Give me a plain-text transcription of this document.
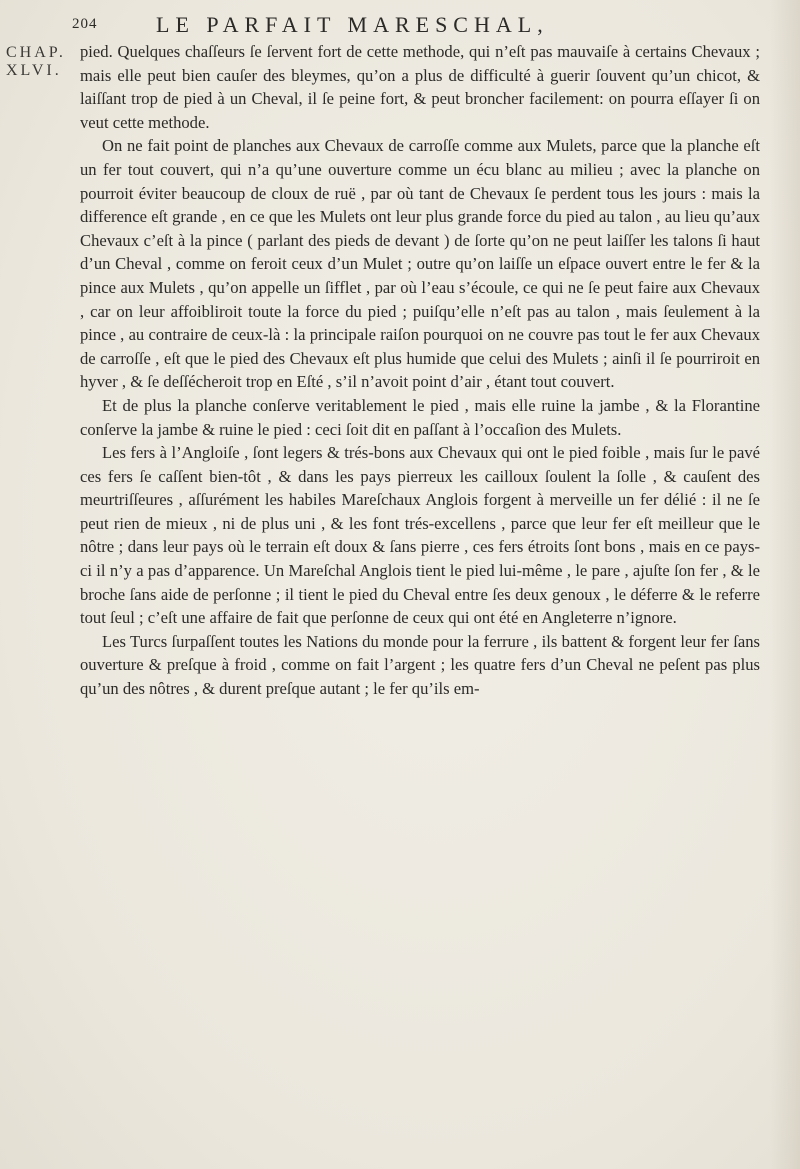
CHAP.
XLVI.
204	LE PARFAIT MARESCHAL,

pied. Quelques chaſſeurs ſe ſervent fort de cette methode, qui n’eſt pas mauvaiſe à certains Chevaux ; mais elle peut bien cauſer des bleymes, qu’on a plus de difficulté à guerir ſouvent qu’un chicot, & laiſſant trop de pied à un Cheval, il ſe peine fort, & peut broncher facilement: on pourra eſſayer ſi on veut cette methode.

On ne fait point de planches aux Chevaux de carroſſe comme aux Mulets, parce que la planche eſt un fer tout couvert, qui n’a qu’une ouverture comme un écu blanc au milieu ; avec la planche on pourroit éviter beaucoup de cloux de ruë , par où tant de Chevaux ſe perdent tous les jours : mais la difference eſt grande , en ce que les Mulets ont leur plus grande force du pied au talon , au lieu qu’aux Chevaux c’eſt à la pince ( parlant des pieds de devant ) de ſorte qu’on ne peut laiſſer les talons ſi haut d’un Cheval , comme on feroit ceux d’un Mulet ; outre qu’on laiſſe un eſpace ouvert entre le fer & la pince aux Mulets , qu’on appelle un ſifflet , par où l’eau s’écoule, ce qui ne ſe peut faire aux Chevaux , car on leur affoibliroit toute la force du pied ; puiſqu’elle n’eſt pas au talon , mais ſeulement à la pince , au contraire de ceux-là : la principale raiſon pourquoi on ne couvre pas tout le fer aux Chevaux de carroſſe , eſt que le pied des Chevaux eſt plus humide que celui des Mulets ; ainſi il ſe pourriroit en hyver , & ſe deſſécheroit trop en Eſté , s’il n’avoit point d’air , étant tout couvert.

Et de plus la planche conſerve veritablement le pied , mais elle ruine la jambe , & la Florantine conſerve la jambe & ruine le pied : ceci ſoit dit en paſſant à l’occaſion des Mulets.

Les fers à l’Angloiſe , ſont legers & trés-bons aux Chevaux qui ont le pied foible , mais ſur le pavé ces fers ſe caſſent bien-tôt , & dans les pays pierreux les cailloux ſoulent la ſolle , & cauſent des meurtriſſeures , aſſurément les habiles Mareſchaux Anglois forgent à merveille un fer délié : il ne ſe peut rien de mieux , ni de plus uni , & les font trés-excellens , parce que leur fer eſt meilleur que le nôtre ; dans leur pays où le terrain eſt doux & ſans pierre , ces fers étroits ſont bons , mais en ce pays-ci il n’y a pas d’apparence. Un Mareſchal Anglois tient le pied lui-même , le pare , ajuſte ſon fer , & le broche ſans aide de perſonne ; il tient le pied du Cheval entre ſes deux genoux , le déferre & le referre tout ſeul ; c’eſt une affaire de fait que perſonne de ceux qui ont été en Angleterre n’ignore.

Les Turcs ſurpaſſent toutes les Nations du monde pour la ferrure , ils battent & forgent leur fer ſans ouverture & preſque à froid , comme on fait l’argent ; les quatre fers d’un Cheval ne peſent pas plus qu’un des nôtres , & durent preſque autant ; le fer qu’ils em-
